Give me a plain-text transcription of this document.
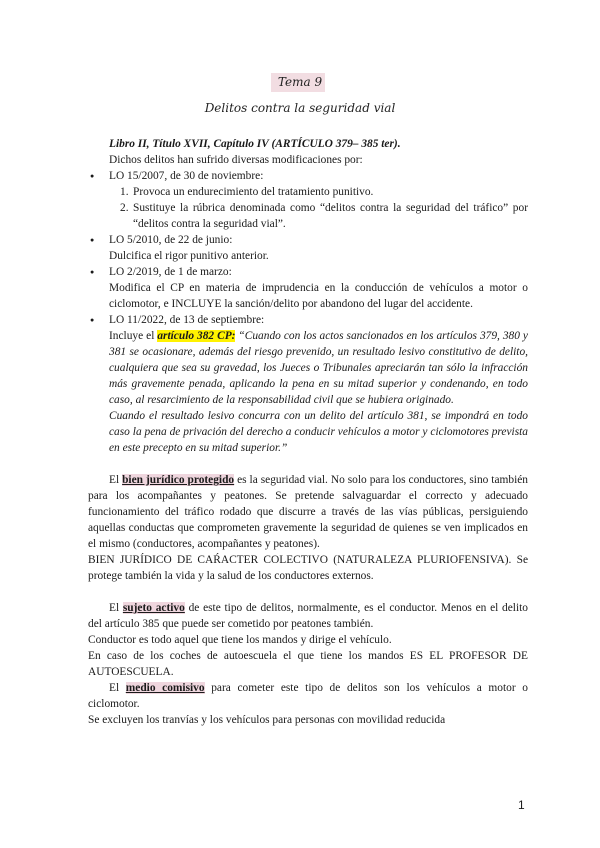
Tema 9
Delitos contra la seguridad vial

Libro II, Título XVII, Capítulo IV (ARTÍCULO 379– 385 ter).

Dichos delitos han sufrido diversas modificaciones por:

● LO 15/2007, de 30 de noviembre:

1. Provoca un endurecimiento del tratamiento punitivo.

2. Sustituye la rúbrica denominada como “delitos contra la seguridad del tráfico” por “delitos contra la seguridad vial”.

● LO 5/2010, de 22 de junio:

Dulcifica el rigor punitivo anterior.

● LO 2/2019, de 1 de marzo:

Modifica el CP en materia de imprudencia en la conducción de vehículos a motor o ciclomotor, e INCLUYE la sanción/delito por abandono del lugar del accidente.

● LO 11/2022, de 13 de septiembre:

Incluye el artículo 382 CP: “Cuando con los actos sancionados en los artículos 379, 380 y 381 se ocasionare, además del riesgo prevenido, un resultado lesivo constitutivo de delito, cualquiera que sea su gravedad, los Jueces o Tribunales apreciarán tan sólo la infracción más gravemente penada, aplicando la pena en su mitad superior y condenando, en todo caso, al resarcimiento de la responsabilidad civil que se hubiera originado.

Cuando el resultado lesivo concurra con un delito del artículo 381, se impondrá en todo caso la pena de privación del derecho a conducir vehículos a motor y ciclomotores prevista en este precepto en su mitad superior.”

El bien jurídico protegido es la seguridad vial. No solo para los conductores, sino también para los acompañantes y peatones. Se pretende salvaguardar el correcto y adecuado funcionamiento del tráfico rodado que discurre a través de las vías públicas, persiguiendo aquellas conductas que comprometen gravemente la seguridad de quienes se ven implicados en el mismo (conductores, acompañantes y peatones).

BIEN JURÍDICO DE CAŔACTER COLECTIVO (NATURALEZA PLURIOFENSIVA). Se protege también la vida y la salud de los conductores externos.

El sujeto activo de este tipo de delitos, normalmente, es el conductor. Menos en el delito del artículo 385 que puede ser cometido por peatones también.

Conductor es todo aquel que tiene los mandos y dirige el vehículo.

En caso de los coches de autoescuela el que tiene los mandos ES EL PROFESOR DE AUTOESCUELA.

El medio comisivo para cometer este tipo de delitos son los vehículos a motor o ciclomotor.

Se excluyen los tranvías y los vehículos para personas con movilidad reducida

1
